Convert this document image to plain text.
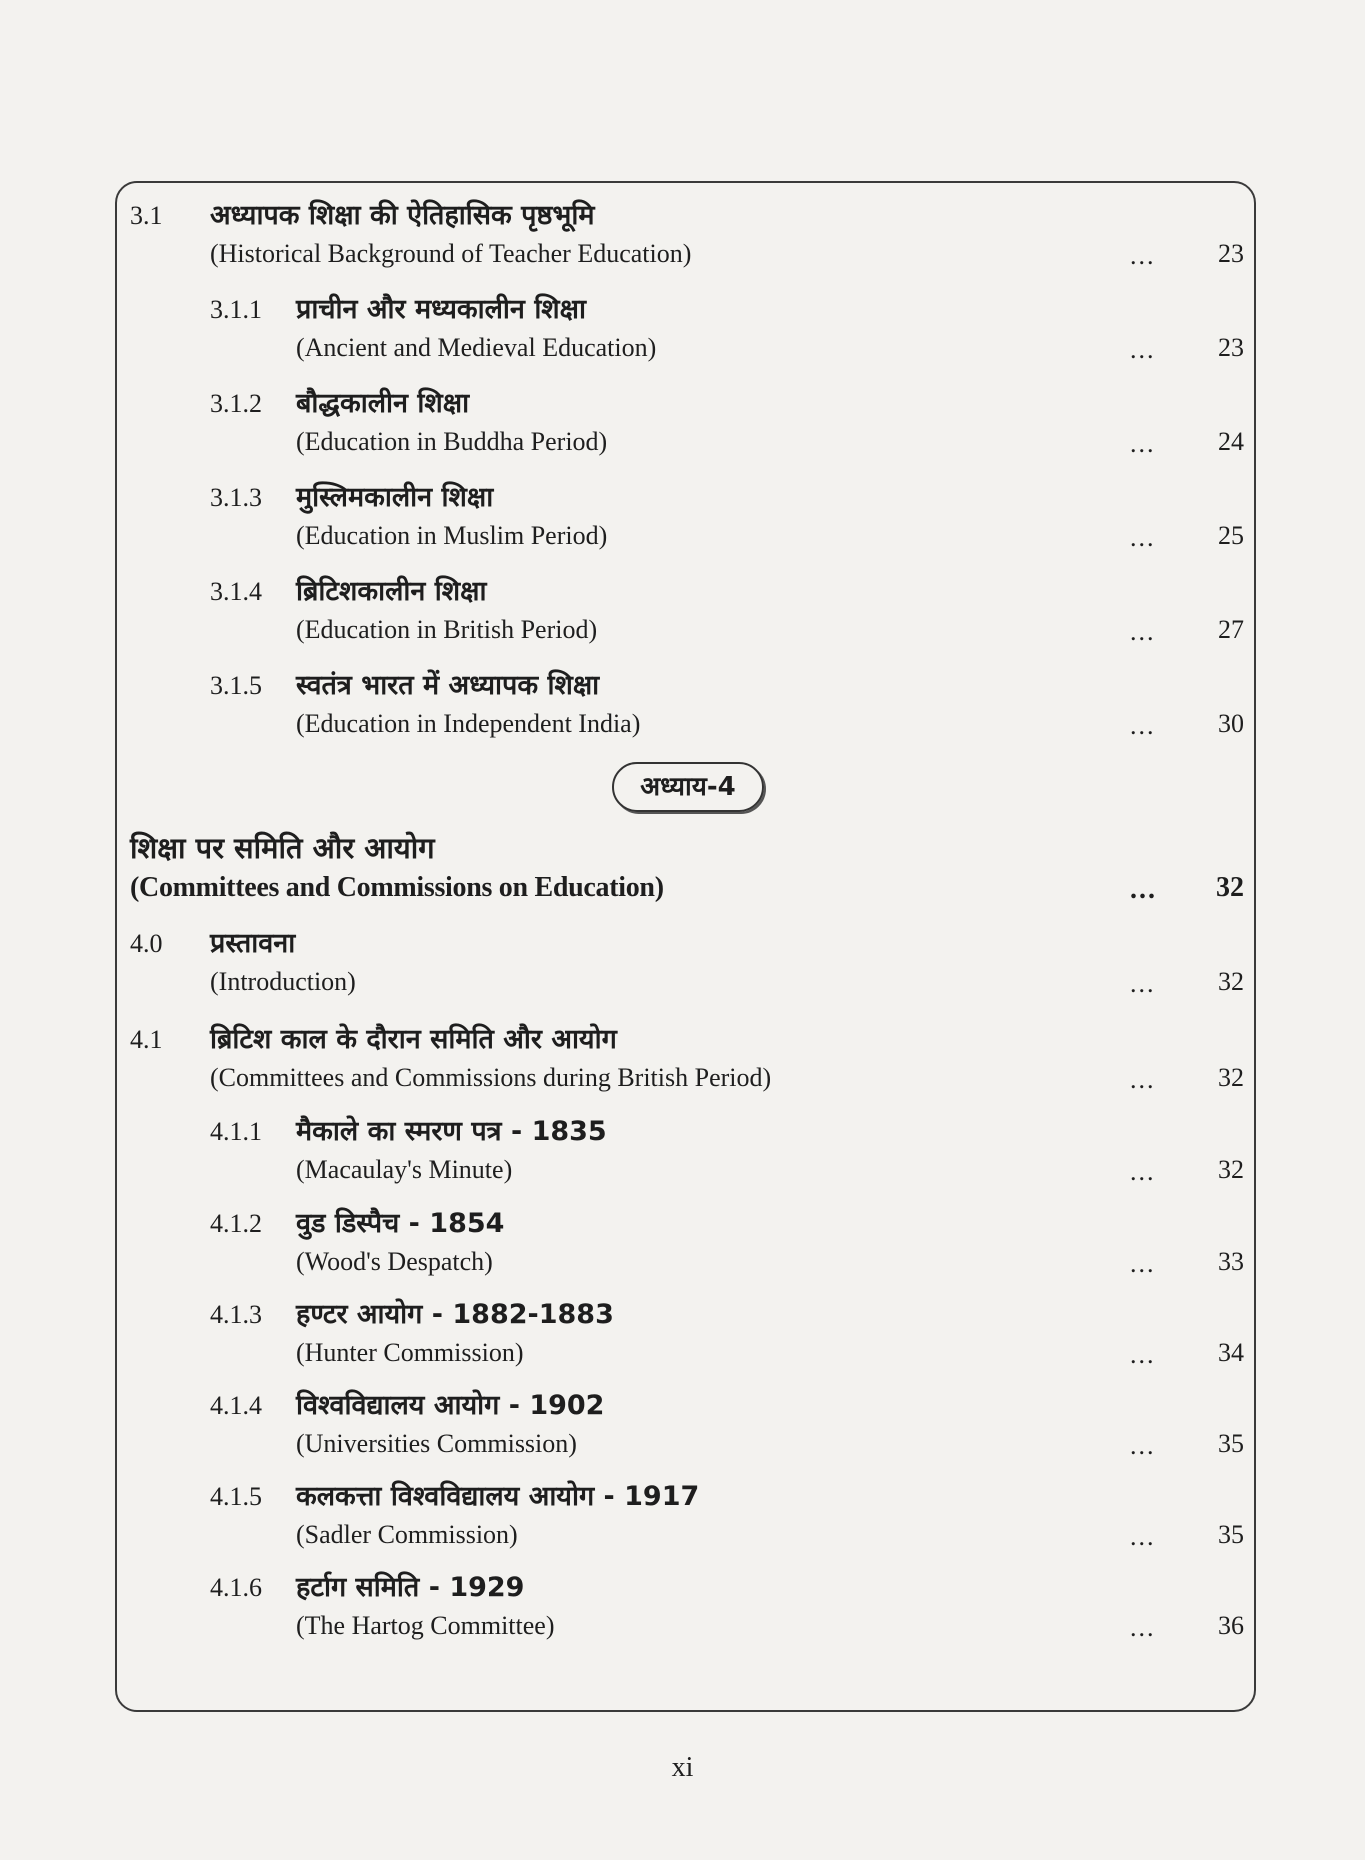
3.1 अध्यापक शिक्षा की ऐतिहासिक पृष्ठभूमि
(Historical Background of Teacher Education)	... 23
3.1.1 प्राचीन और मध्यकालीन शिक्षा
(Ancient and Medieval Education)	... 23
3.1.2 बौद्धकालीन शिक्षा
(Education in Buddha Period)	... 24
3.1.3 मुस्लिमकालीन शिक्षा
(Education in Muslim Period)	... 25
3.1.4 ब्रिटिशकालीन शिक्षा
(Education in British Period)	... 27
3.1.5 स्वतंत्र भारत में अध्यापक शिक्षा
(Education in Independent India)	... 30
अध्याय-4
शिक्षा पर समिति और आयोग
(Committees and Commissions on Education)	... 32
4.0 प्रस्तावना
(Introduction)	... 32
4.1 ब्रिटिश काल के दौरान समिति और आयोग
(Committees and Commissions during British Period)	... 32
4.1.1 मैकाले का स्मरण पत्र - 1835
(Macaulay's Minute)	... 32
4.1.2 वुड डिस्पैच - 1854
(Wood's Despatch)	... 33
4.1.3 हण्टर आयोग - 1882-1883
(Hunter Commission)	... 34
4.1.4 विश्वविद्यालय आयोग - 1902
(Universities Commission)	... 35
4.1.5 कलकत्ता विश्वविद्यालय आयोग - 1917
(Sadler Commission)	... 35
4.1.6 हर्टाग समिति - 1929
(The Hartog Committee)	... 36
xi
